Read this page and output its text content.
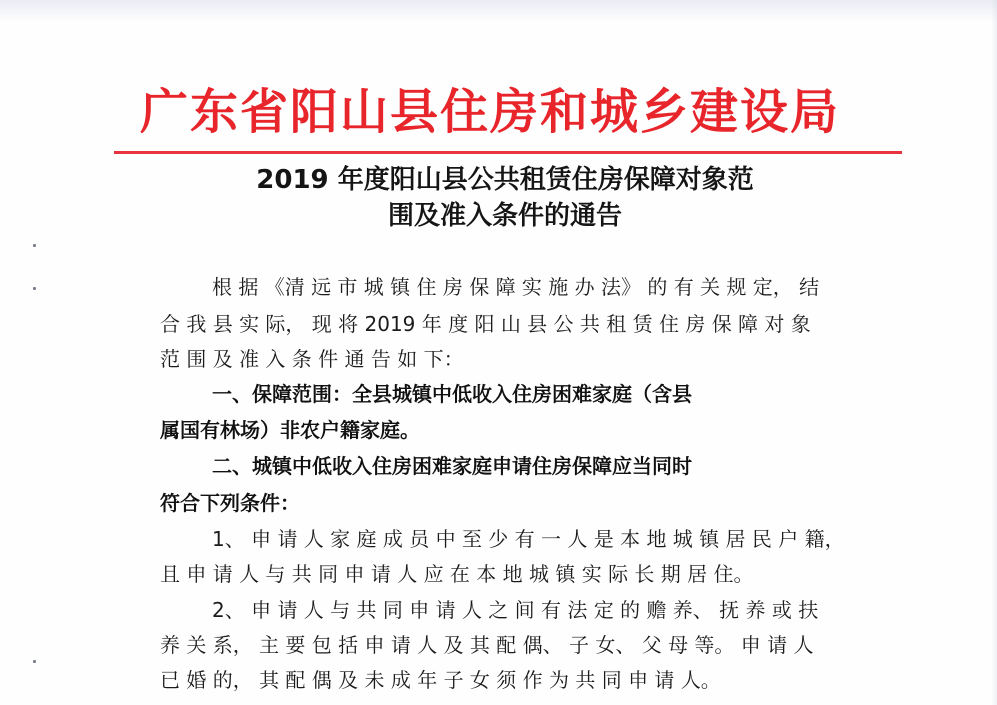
广东省阳山县住房和城乡建设局
2019 年度阳山县公共租赁住房保障对象范
围及准入条件的通告
根 据 《清 远 市 城 镇 住 房 保 障 实 施 办 法》 的 有 关 规 定， 结
合 我 县 实 际， 现 将 2019 年 度 阳 山 县 公 共 租 赁 住 房 保 障 对 象
范 围 及 准 入 条 件 通 告 如 下：
一、保障范围：全县城镇中低收入住房困难家庭（含县
属国有林场）非农户籍家庭。
二、城镇中低收入住房困难家庭申请住房保障应当同时
符合下列条件：
1、 申 请 人 家 庭 成 员 中 至 少 有 一 人 是 本 地 城 镇 居 民 户 籍，
且 申 请 人 与 共 同 申 请 人 应 在 本 地 城 镇 实 际 长 期 居 住。
2、 申 请 人 与 共 同 申 请 人 之 间 有 法 定 的 赡 养、 抚 养 或 扶
养 关 系， 主 要 包 括 申 请 人 及 其 配 偶、 子 女、 父 母 等。 申 请 人
已 婚 的， 其 配 偶 及 未 成 年 子 女 须 作 为 共 同 申 请 人。
